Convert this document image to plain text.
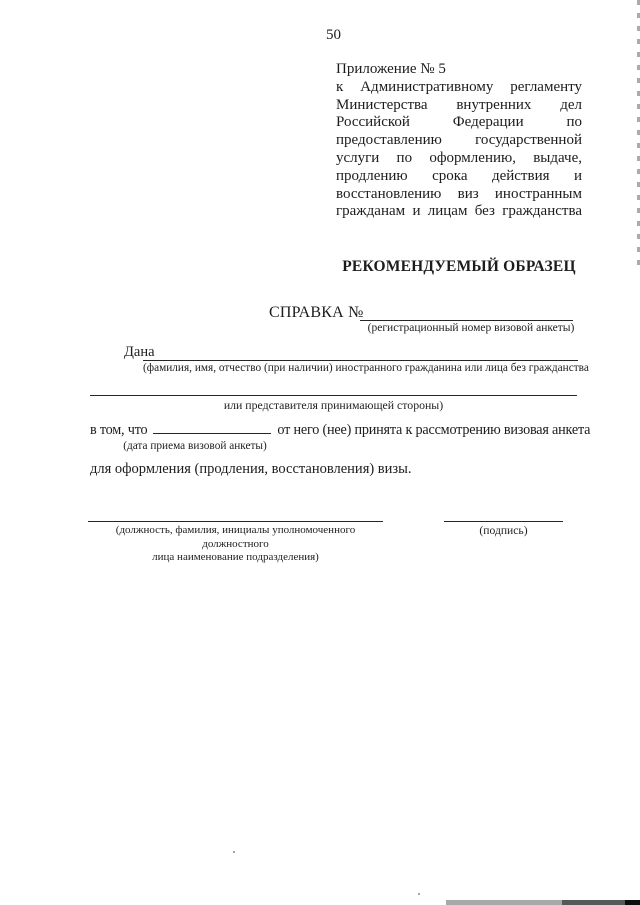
50
Приложение № 5
к Административному регламенту
Министерства внутренних дел
Российской Федерации по
предоставлению государственной
услуги по оформлению, выдаче,
продлению срока действия и
восстановлению виз иностранным
гражданам и лицам без гражданства
РЕКОМЕНДУЕМЫЙ ОБРАЗЕЦ
СПРАВКА №
(регистрационный номер визовой анкеты)
Дана
(фамилия, имя, отчество (при наличии) иностранного гражданина или лица без гражданства
или представителя принимающей стороны)
в том, что	от него (нее) принята к рассмотрению визовая анкета
(дата приема визовой анкеты)
для оформления (продления, восстановления) визы.
(должность, фамилия, инициалы уполномоченного должностного
лица наименование подразделения)
(подпись)
